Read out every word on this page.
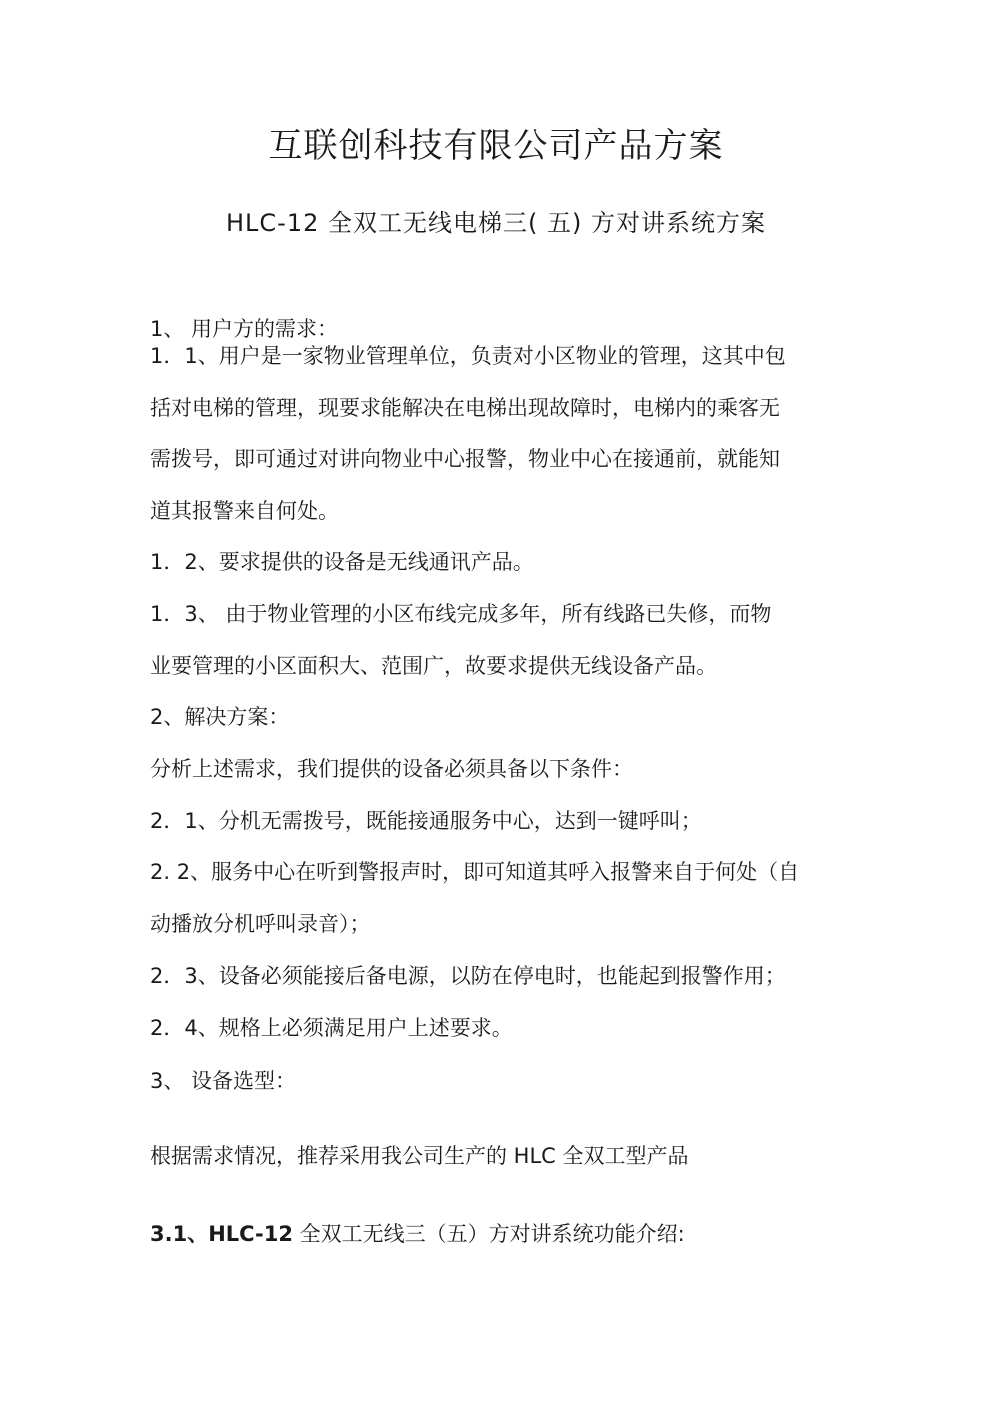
互联创科技有限公司产品方案
HLC-12 全双工无线电梯三( 五) 方对讲系统方案
1、 用户方的需求：
1．1、用户是一家物业管理单位，负责对小区物业的管理，这其中包
括对电梯的管理，现要求能解决在电梯出现故障时，电梯内的乘客无
需拨号，即可通过对讲向物业中心报警，物业中心在接通前，就能知
道其报警来自何处。
1．2、要求提供的设备是无线通讯产品。
1．3、 由于物业管理的小区布线完成多年，所有线路已失修，而物
业要管理的小区面积大、范围广，故要求提供无线设备产品。
2、解决方案：
分析上述需求，我们提供的设备必须具备以下条件：
2．1、分机无需拨号，既能接通服务中心，达到一键呼叫；
2. 2、服务中心在听到警报声时，即可知道其呼入报警来自于何处（自
动播放分机呼叫录音）；
2．3、设备必须能接后备电源，以防在停电时，也能起到报警作用；
2．4、规格上必须满足用户上述要求。
3、 设备选型：
根据需求情况，推荐采用我公司生产的 HLC 全双工型产品
3.1、HLC-12 全双工无线三（五）方对讲系统功能介绍:
